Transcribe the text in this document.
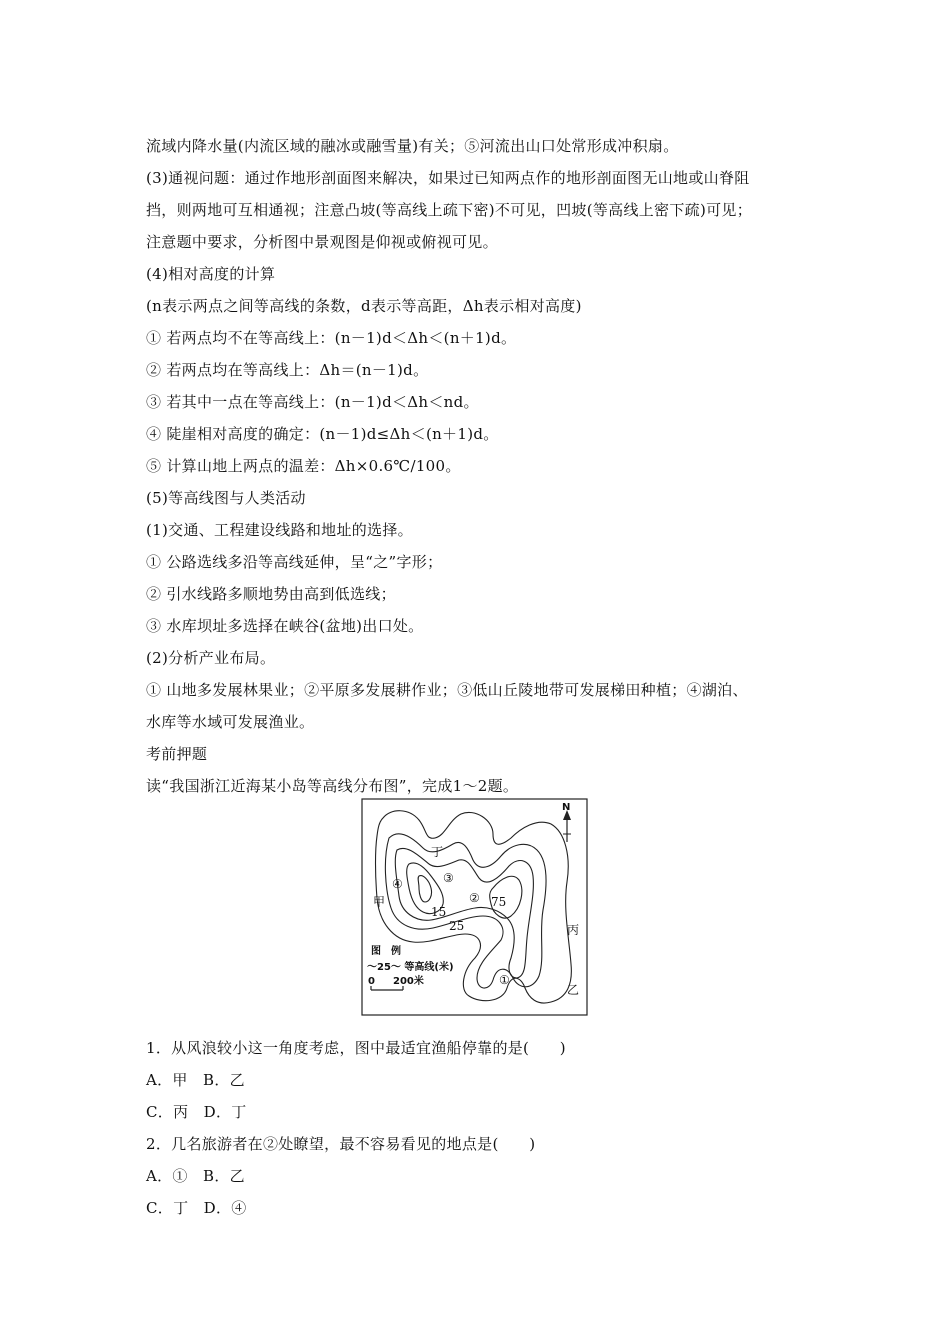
流域内降水量(内流区域的融冰或融雪量)有关；⑤河流出山口处常形成冲积扇。
(3)通视问题：通过作地形剖面图来解决，如果过已知两点作的地形剖面图无山地或山脊阻
挡，则两地可互相通视；注意凸坡(等高线上疏下密)不可见，凹坡(等高线上密下疏)可见；
注意题中要求，分析图中景观图是仰视或俯视可见。
(4)相对高度的计算
(n表示两点之间等高线的条数，d表示等高距，Δh表示相对高度)
① 若两点均不在等高线上：(n－1)d＜Δh＜(n＋1)d。
② 若两点均在等高线上：Δh＝(n－1)d。
③ 若其中一点在等高线上：(n－1)d＜Δh＜nd。
④ 陡崖相对高度的确定：(n－1)d≤Δh＜(n＋1)d。
⑤ 计算山地上两点的温差：Δh×0.6℃/100。
(5)等高线图与人类活动
(1)交通、工程建设线路和地址的选择。
① 公路选线多沿等高线延伸，呈“之”字形；
② 引水线路多顺地势由高到低选线；
③ 水库坝址多选择在峡谷(盆地)出口处。
(2)分析产业布局。
① 山地多发展林果业；②平原多发展耕作业；③低山丘陵地带可发展梯田种植；④湖泊、
水库等水域可发展渔业。
考前押题
读“我国浙江近海某小岛等高线分布图”，完成1～2题。
N
丁
甲
丙
乙
④	③
②
①
15
25
75
图　例
～25～ 等高线(米)
0 200米
1．从风浪较小这一角度考虑，图中最适宜渔船停靠的是(　　)
A．甲　B．乙
C．丙　D．丁
2．几名旅游者在②处瞭望，最不容易看见的地点是(　　)
A．①　B．乙
C．丁　D．④
